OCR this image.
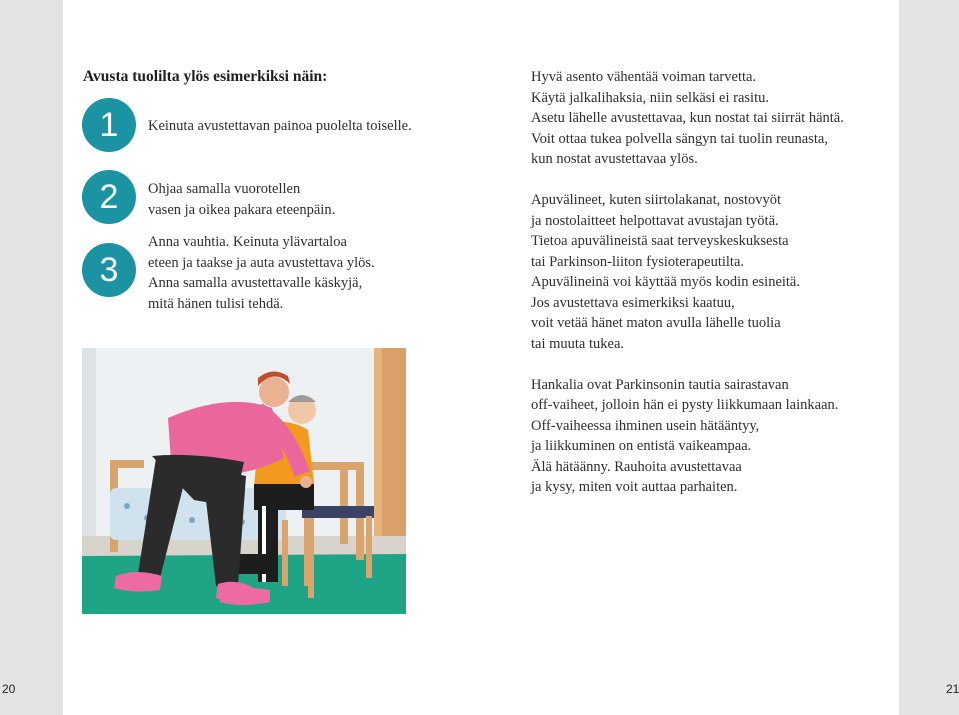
20	21
Avusta tuolilta ylös esimerkiksi näin:
1 Keinuta avustettavan painoa puolelta toiselle.
2 Ohjaa samalla vuorotellen
vasen ja oikea pakara eteenpäin.
3
Anna vauhtia. Keinuta ylävartaloa
eteen ja taakse ja auta avustettava ylös.
Anna samalla avustettavalle käskyjä,
mitä hänen tulisi tehdä.

Hyvä asento vähentää voiman tarvetta.
Käytä jalkalihaksia, niin selkäsi ei rasitu.
Asetu lähelle avustettavaa, kun nostat tai siirrät häntä.
Voit ottaa tukea polvella sängyn tai tuolin reunasta,
kun nostat avustettavaa ylös.

Apuvälineet, kuten siirtolakanat, nostovyöt
ja nostolaitteet helpottavat avustajan työtä.
Tietoa apuvälineistä saat terveyskeskuksesta
tai Parkinson-liiton fysioterapeutilta.
Apuvälineinä voi käyttää myös kodin esineitä.
Jos avustettava esimerkiksi kaatuu,
voit vetää hänet maton avulla lähelle tuolia
tai muuta tukea.

Hankalia ovat Parkinsonin tautia sairastavan
off-vaiheet, jolloin hän ei pysty liikkumaan lainkaan.
Off-vaiheessa ihminen usein hätääntyy,
ja liikkuminen on entistä vaikeampaa.
Älä hätäänny. Rauhoita avustettavaa
ja kysy, miten voit auttaa parhaiten.
